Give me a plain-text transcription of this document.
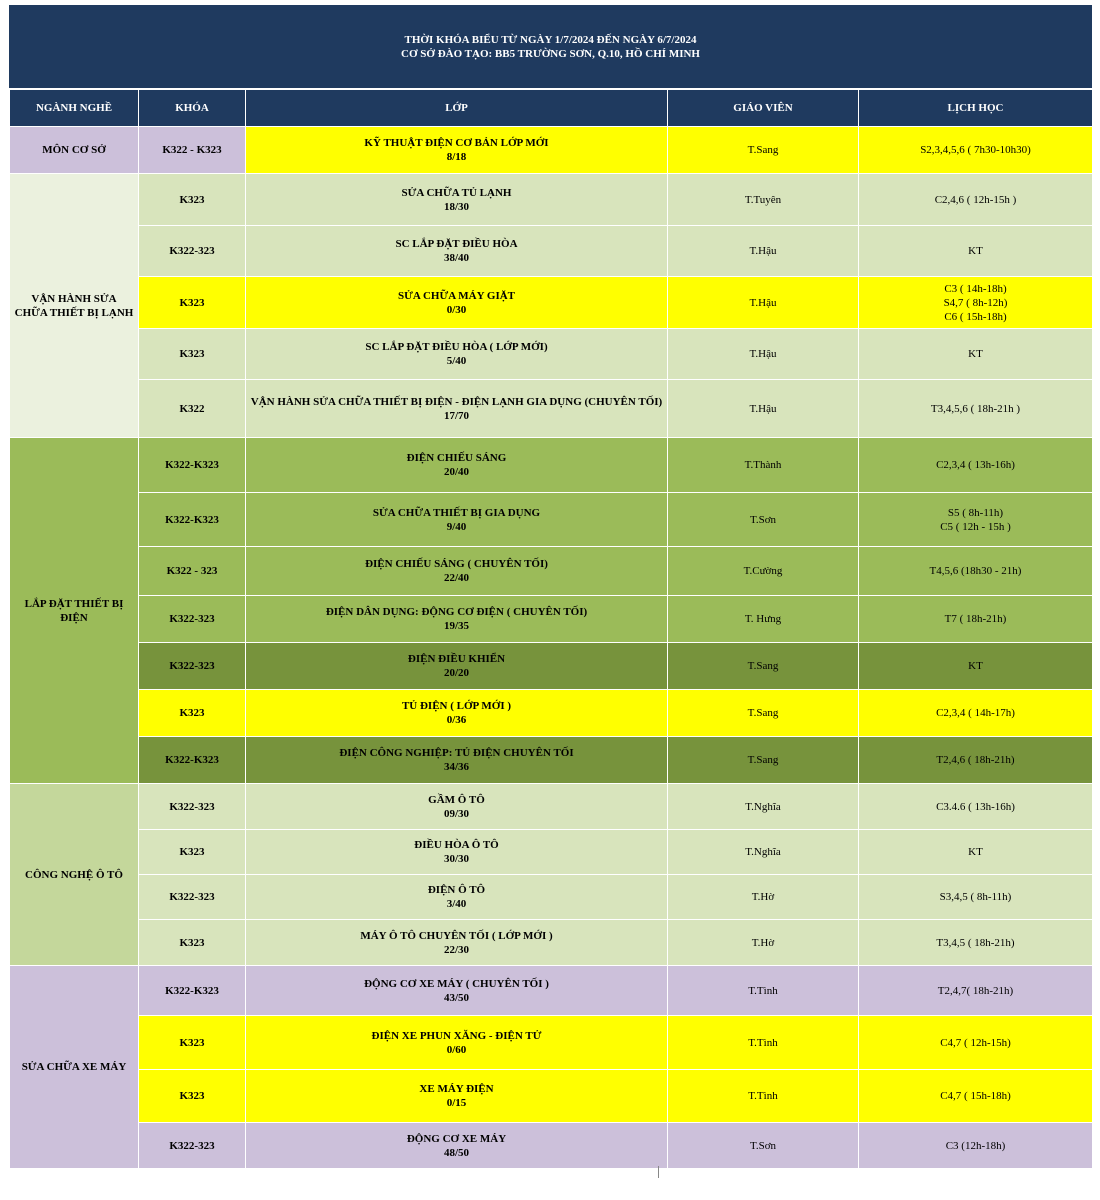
THỜI KHÓA BIỂU TỪ NGÀY 1/7/2024 ĐẾN NGÀY 6/7/2024
CƠ SỞ ĐÀO TẠO: BB5 TRƯỜNG SƠN, Q.10, HỒ CHÍ MINH
NGÀNH NGHỀ	KHÓA	LỚP	GIÁO VIÊN	LỊCH HỌC
MÔN CƠ SỞ	K322 - K323	KỸ THUẬT ĐIỆN CƠ BẢN LỚP MỚI
8/18	T.Sang	S2,3,4,5,6 ( 7h30-10h30)

VẬN HÀNH SỬA CHỮA THIẾT BỊ LẠNH	K323	SỬA CHỮA TỦ LẠNH
18/30	T.Tuyên	C2,4,6 ( 12h-15h )

	K322-323	SC LẮP ĐẶT ĐIỀU HÒA
38/40	T.Hậu	KT

	K323	SỬA CHỮA MÁY GIẶT
0/30	T.Hậu	C3 ( 14h-18h)
S4,7 ( 8h-12h)
C6 ( 15h-18h)

	K323	SC LẮP ĐẶT ĐIỀU HÒA ( LỚP MỚI)
5/40	T.Hậu	KT

	K322	VẬN HÀNH SỬA CHỮA THIẾT BỊ ĐIỆN - ĐIỆN LẠNH GIA DỤNG (CHUYÊN TỐI)
17/70	T.Hậu	T3,4,5,6 ( 18h-21h )

LẮP ĐẶT THIẾT BỊ ĐIỆN	K322-K323	ĐIỆN CHIẾU SÁNG
20/40	T.Thành	C2,3,4 ( 13h-16h)

	K322-K323	SỬA CHỮA THIẾT BỊ GIA DỤNG
9/40	T.Sơn	S5 ( 8h-11h)
C5 ( 12h - 15h )

	K322 - 323	ĐIỆN CHIẾU SÁNG ( CHUYÊN TỐI)
22/40	T.Cường	T4,5,6 (18h30 - 21h)

	K322-323	ĐIỆN DÂN DỤNG: ĐỘNG CƠ ĐIỆN ( CHUYÊN TỐI)
19/35	T. Hưng	T7 ( 18h-21h)

	K322-323	ĐIỆN ĐIỀU KHIỂN
20/20	T.Sang	KT

	K323	TỦ ĐIỆN ( LỚP MỚI )
0/36	T.Sang	C2,3,4 ( 14h-17h)

	K322-K323	ĐIỆN CÔNG NGHIỆP: TỦ ĐIỆN CHUYÊN TỐI
34/36	T.Sang	T2,4,6 ( 18h-21h)

CÔNG NGHỆ Ô TÔ	K322-323	GẦM Ô TÔ
09/30	T.Nghĩa	C3.4.6 ( 13h-16h)

	K323	ĐIỀU HÒA Ô TÔ
30/30	T.Nghĩa	KT

	K322-323	ĐIỆN Ô TÔ
3/40	T.Hờ	S3,4,5 ( 8h-11h)

	K323	MÁY Ô TÔ CHUYÊN TỐI ( LỚP MỚI )
22/30	T.Hờ	T3,4,5 ( 18h-21h)

SỬA CHỮA XE MÁY	K322-K323	ĐỘNG CƠ XE MÁY ( CHUYÊN TỐI )
43/50	T.Tình	T2,4,7( 18h-21h)

	K323	ĐIỆN XE PHUN XĂNG - ĐIỆN TỬ
0/60	T.Tình	C4,7 ( 12h-15h)

	K323	XE MÁY ĐIỆN
0/15	T.Tình	C4,7 ( 15h-18h)

	K322-323	ĐỘNG CƠ XE MÁY
48/50	T.Sơn	C3 (12h-18h)
